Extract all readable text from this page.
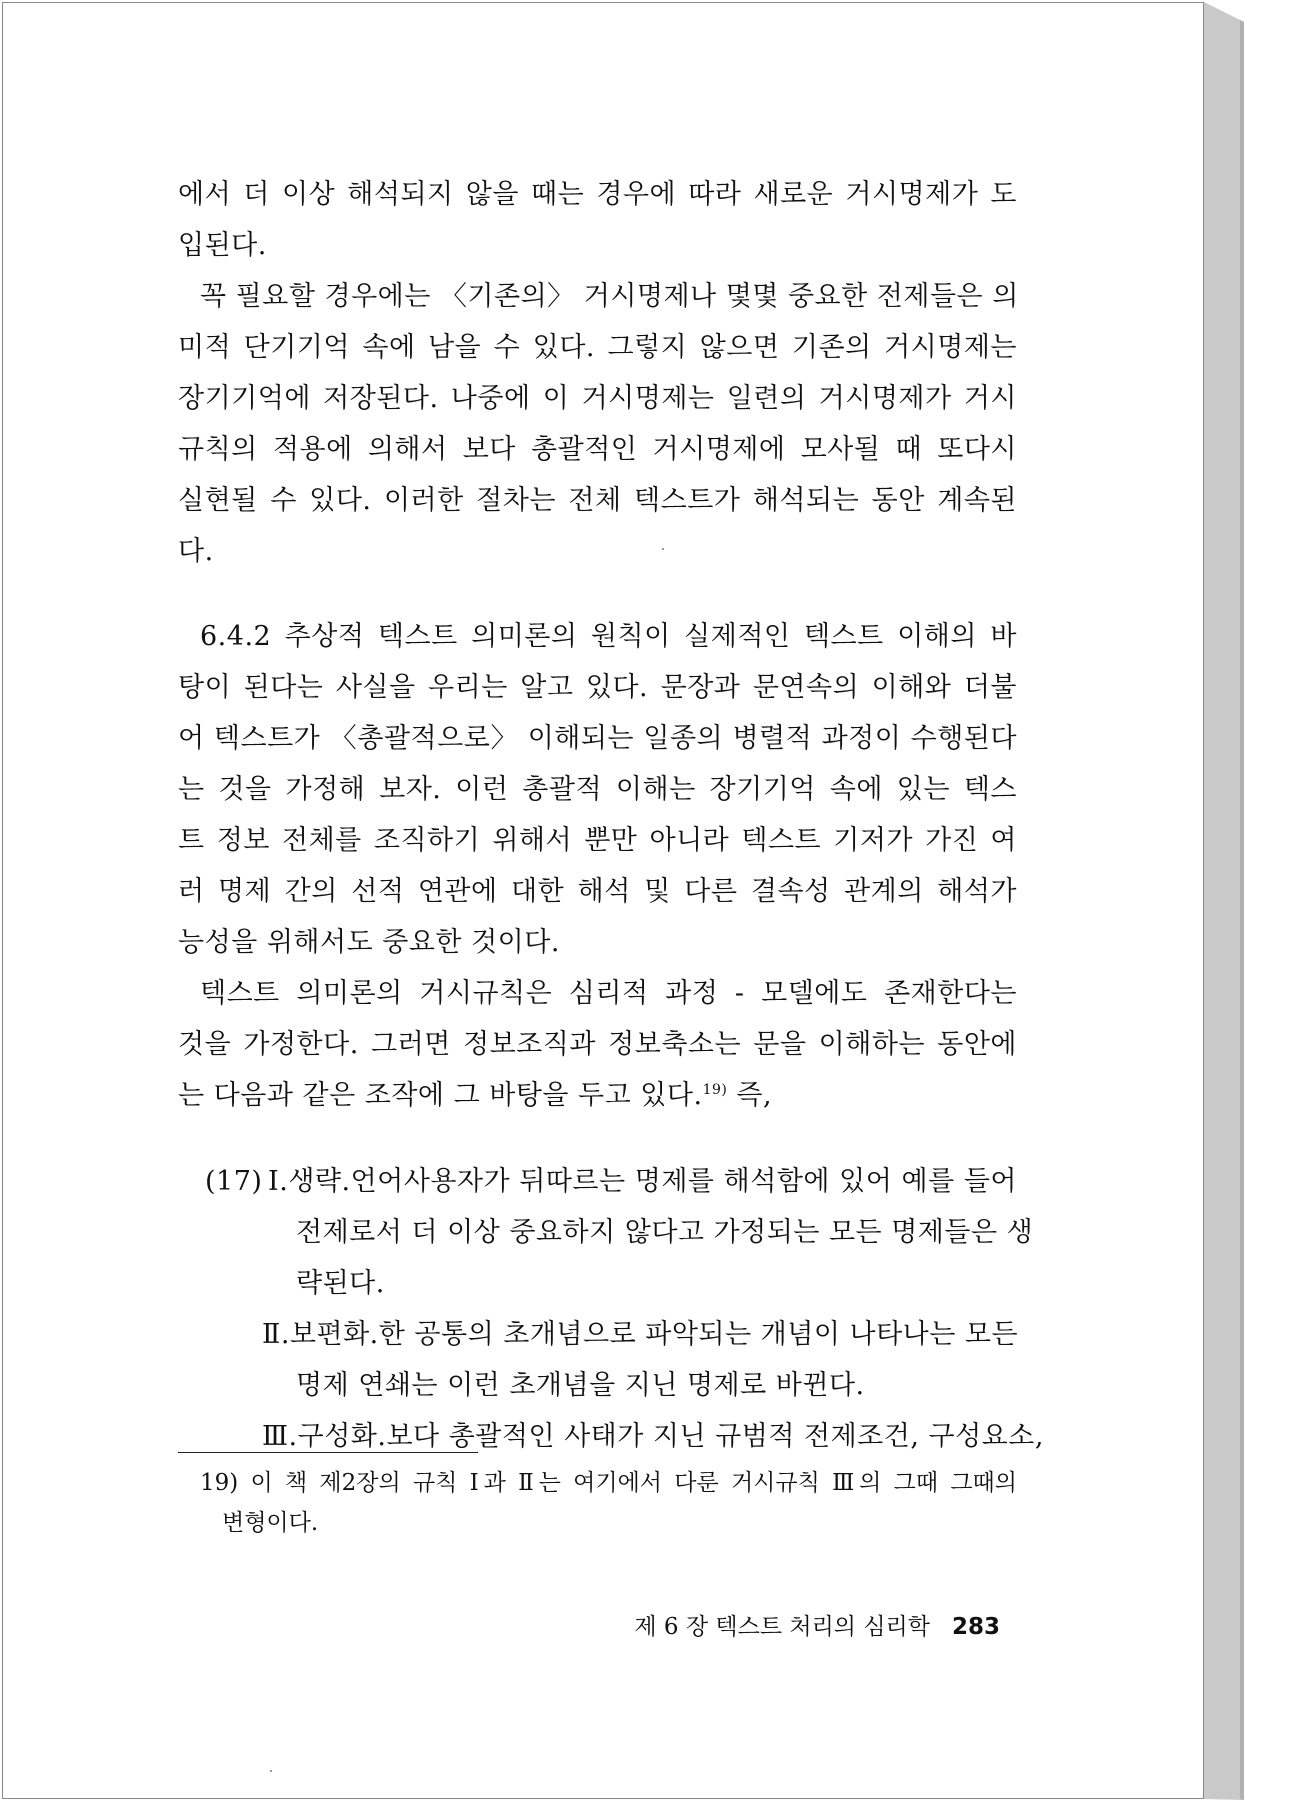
에서 더 이상 해석되지 않을 때는 경우에 따라 새로운 거시명제가 도
입된다.
꼭 필요할 경우에는 〈기존의〉 거시명제나 몇몇 중요한 전제들은 의
미적 단기기억 속에 남을 수 있다. 그렇지 않으면 기존의 거시명제는
장기기억에 저장된다. 나중에 이 거시명제는 일련의 거시명제가 거시
규칙의 적용에 의해서 보다 총괄적인 거시명제에 모사될 때 또다시
실현될 수 있다. 이러한 절차는 전체 텍스트가 해석되는 동안 계속된
다.
6.4.2 추상적 텍스트 의미론의 원칙이 실제적인 텍스트 이해의 바
탕이 된다는 사실을 우리는 알고 있다. 문장과 문연속의 이해와 더불
어 텍스트가 〈총괄적으로〉 이해되는 일종의 병렬적 과정이 수행된다
는 것을 가정해 보자. 이런 총괄적 이해는 장기기억 속에 있는 텍스
트 정보 전체를 조직하기 위해서 뿐만 아니라 텍스트 기저가 가진 여
러 명제 간의 선적 연관에 대한 해석 및 다른 결속성 관계의 해석가
능성을 위해서도 중요한 것이다.
텍스트 의미론의 거시규칙은 심리적 과정 - 모델에도 존재한다는
것을 가정한다. 그러면 정보조직과 정보축소는 문을 이해하는 동안에
는 다음과 같은 조작에 그 바탕을 두고 있다.$^{19)}$ 즉,
(17) Ⅰ.생략.언어사용자가 뒤따르는 명제를 해석함에 있어 예를 들어
전제로서 더 이상 중요하지 않다고 가정되는 모든 명제들은 생
략된다.
Ⅱ.보편화.한 공통의 초개념으로 파악되는 개념이 나타나는 모든
명제 연쇄는 이런 초개념을 지닌 명제로 바뀐다.
Ⅲ.구성화.보다 총괄적인 사태가 지닌 규범적 전제조건, 구성요소,
19) 이 책 제2장의 규칙 Ⅰ과 Ⅱ는 여기에서 다룬 거시규칙 Ⅲ의 그때 그때의
변형이다.
제 6 장 텍스트 처리의 심리학 283
